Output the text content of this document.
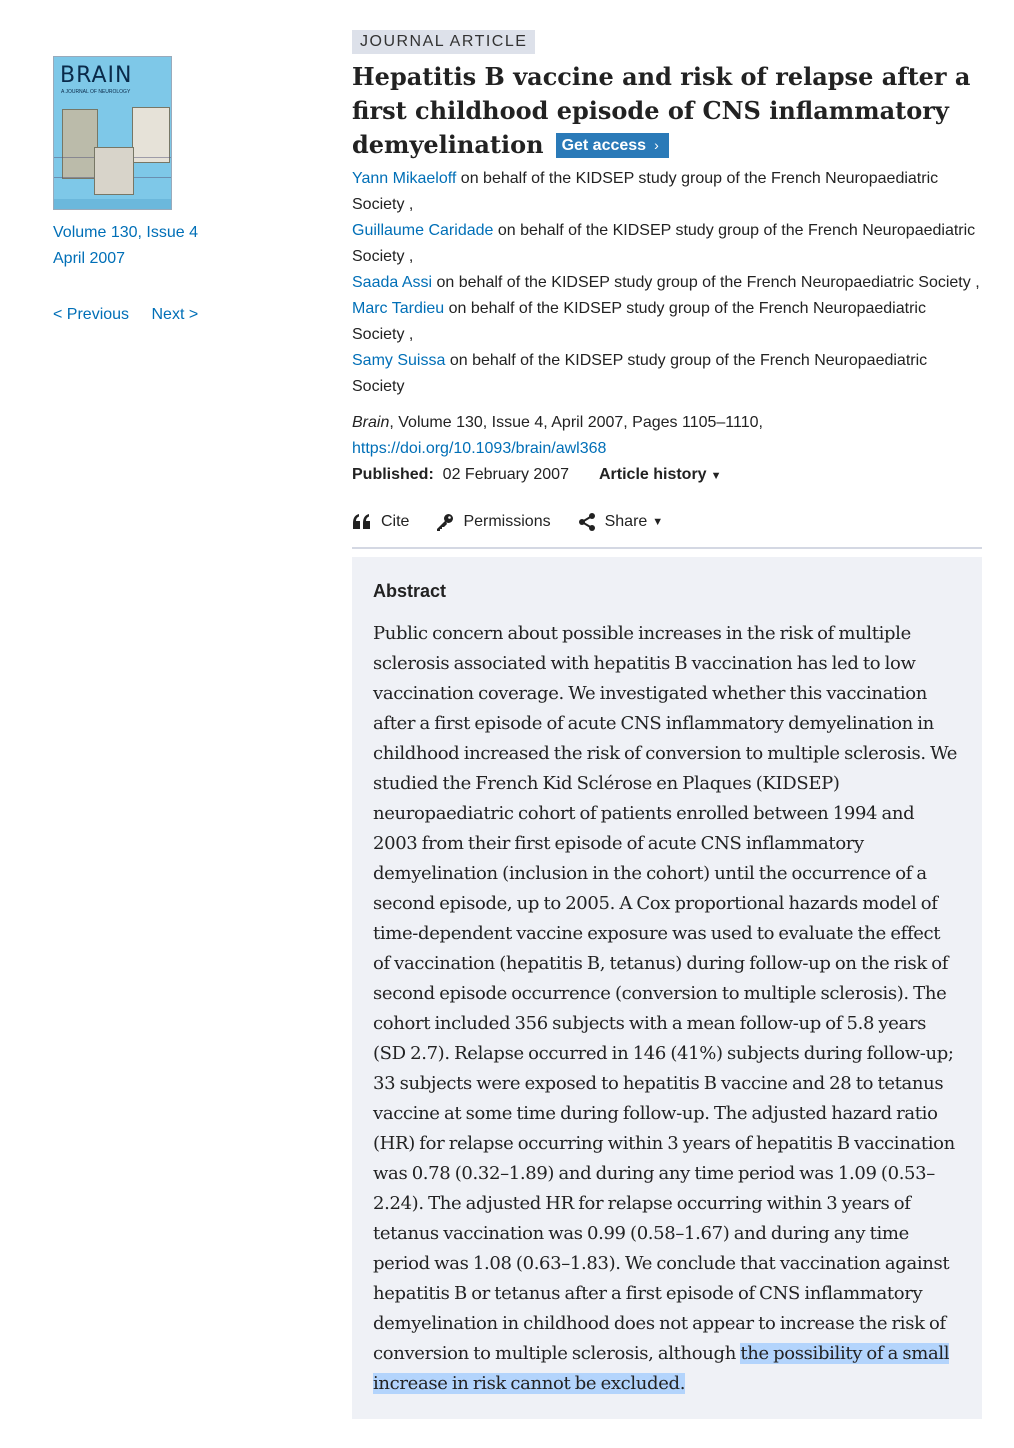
BRAIN
A JOURNAL OF NEUROLOGY
Volume 130, Issue 4
April 2007
< Previous Next >
JOURNAL ARTICLE
Hepatitis B vaccine and risk of relapse after a first childhood episode of CNS inflammatory demyelination Get access ›
Yann Mikaeloff on behalf of the KIDSEP study group of the French Neuropaediatric Society ,
Guillaume Caridade on behalf of the KIDSEP study group of the French Neuropaediatric Society ,
Saada Assi on behalf of the KIDSEP study group of the French Neuropaediatric Society ,
Marc Tardieu on behalf of the KIDSEP study group of the French Neuropaediatric Society ,
Samy Suissa on behalf of the KIDSEP study group of the French Neuropaediatric Society
Brain, Volume 130, Issue 4, April 2007, Pages 1105–1110,
https://doi.org/10.1093/brain/awl368
Published: 02 February 2007 Article history ▼
Cite	Permissions	Share ▼
Abstract

Public concern about possible increases in the risk of multiple sclerosis associated with hepatitis B vaccination has led to low vaccination coverage. We investigated whether this vaccination after a first episode of acute CNS inflammatory demyelination in childhood increased the risk of conversion to multiple sclerosis. We studied the French Kid Sclérose en Plaques (KIDSEP) neuropaediatric cohort of patients enrolled between 1994 and 2003 from their first episode of acute CNS inflammatory demyelination (inclusion in the cohort) until the occurrence of a second episode, up to 2005. A Cox proportional hazards model of time-dependent vaccine exposure was used to evaluate the effect of vaccination (hepatitis B, tetanus) during follow-up on the risk of second episode occurrence (conversion to multiple sclerosis). The cohort included 356 subjects with a mean follow-up of 5.8 years (SD 2.7). Relapse occurred in 146 (41%) subjects during follow-up; 33 subjects were exposed to hepatitis B vaccine and 28 to tetanus vaccine at some time during follow-up. The adjusted hazard ratio (HR) for relapse occurring within 3 years of hepatitis B vaccination was 0.78 (0.32–1.89) and during any time period was 1.09 (0.53–2.24). The adjusted HR for relapse occurring within 3 years of tetanus vaccination was 0.99 (0.58–1.67) and during any time period was 1.08 (0.63–1.83). We conclude that vaccination against hepatitis B or tetanus after a first episode of CNS inflammatory demyelination in childhood does not appear to increase the risk of conversion to multiple sclerosis, although the possibility of a small increase in risk cannot be excluded.
